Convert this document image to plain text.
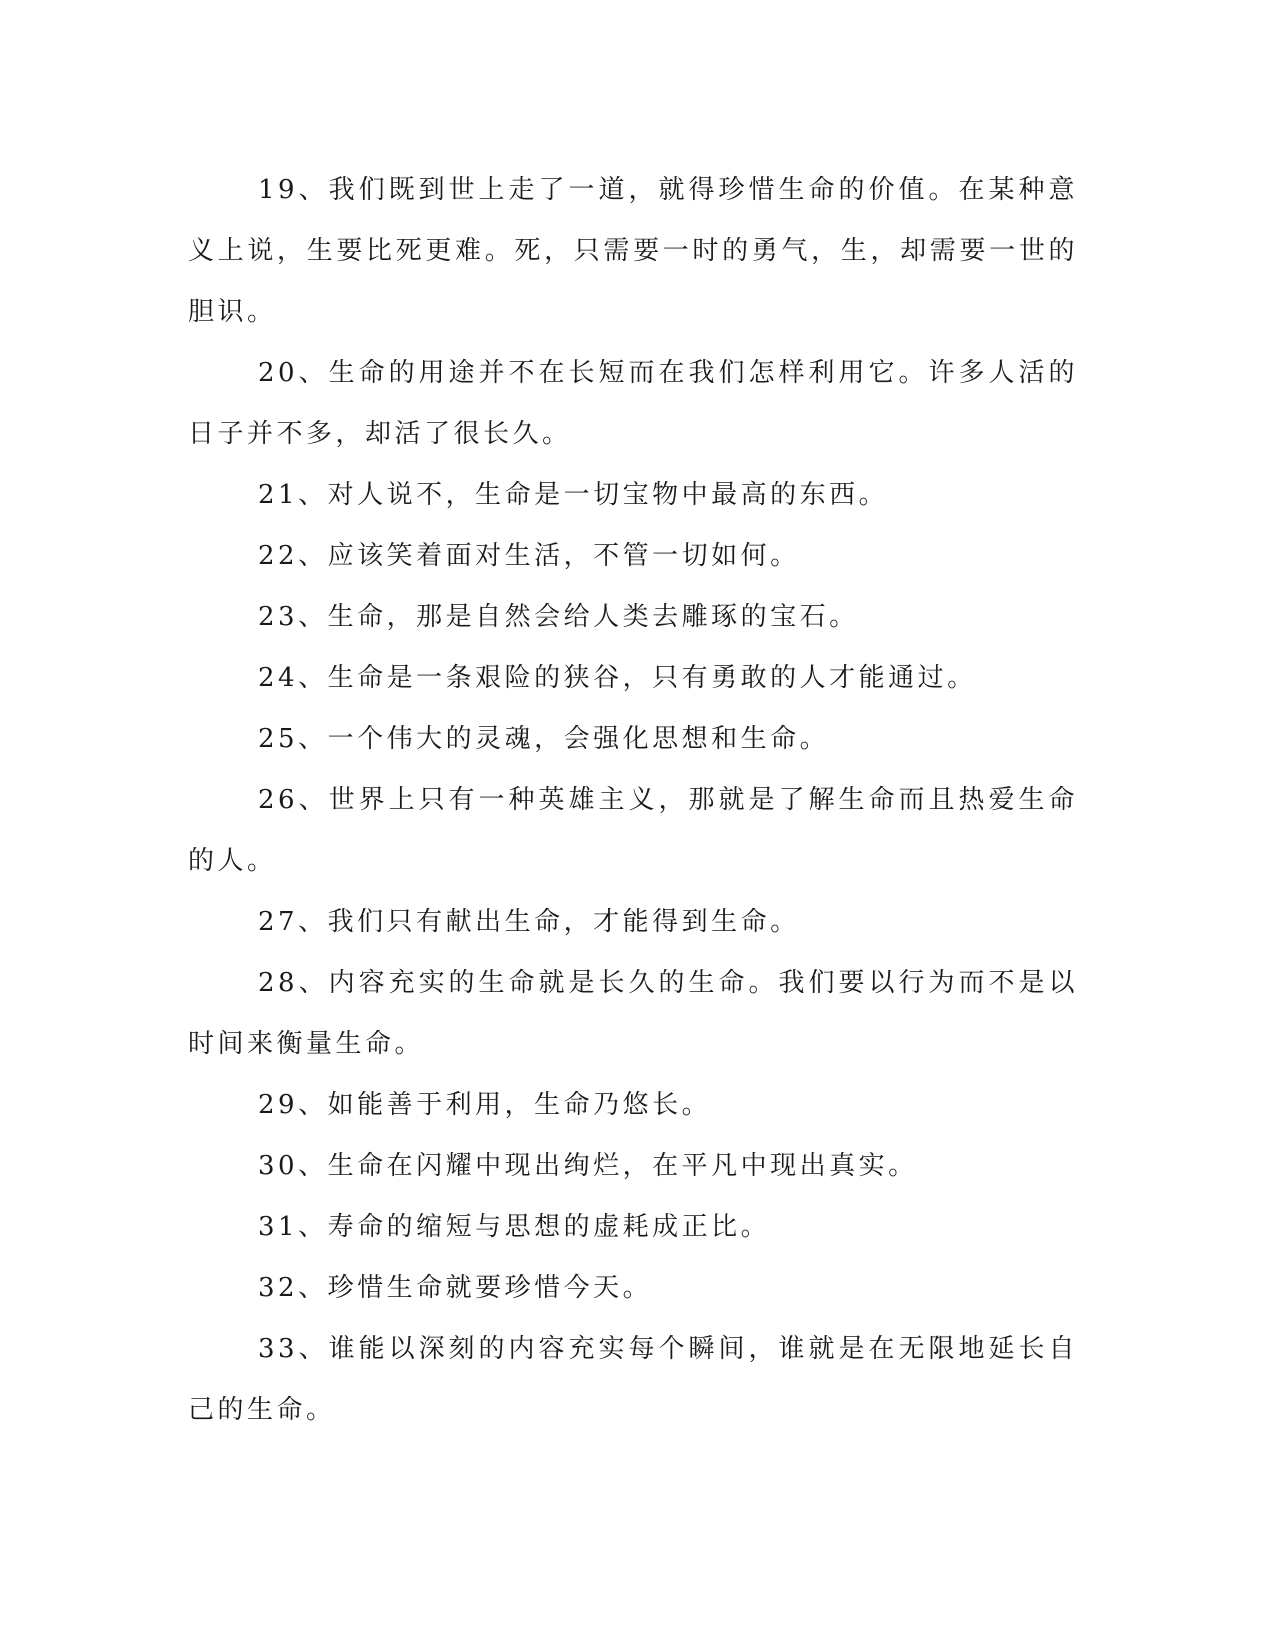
19、我们既到世上走了一道，就得珍惜生命的价值。在某种意义上说，生要比死更难。死，只需要一时的勇气，生，却需要一世的胆识。

20、生命的用途并不在长短而在我们怎样利用它。许多人活的日子并不多，却活了很长久。

21、对人说不，生命是一切宝物中最高的东西。

22、应该笑着面对生活，不管一切如何。

23、生命，那是自然会给人类去雕琢的宝石。

24、生命是一条艰险的狭谷，只有勇敢的人才能通过。

25、一个伟大的灵魂，会强化思想和生命。

26、世界上只有一种英雄主义，那就是了解生命而且热爱生命的人。

27、我们只有献出生命，才能得到生命。

28、内容充实的生命就是长久的生命。我们要以行为而不是以时间来衡量生命。

29、如能善于利用，生命乃悠长。

30、生命在闪耀中现出绚烂，在平凡中现出真实。

31、寿命的缩短与思想的虚耗成正比。

32、珍惜生命就要珍惜今天。

33、谁能以深刻的内容充实每个瞬间，谁就是在无限地延长自己的生命。
